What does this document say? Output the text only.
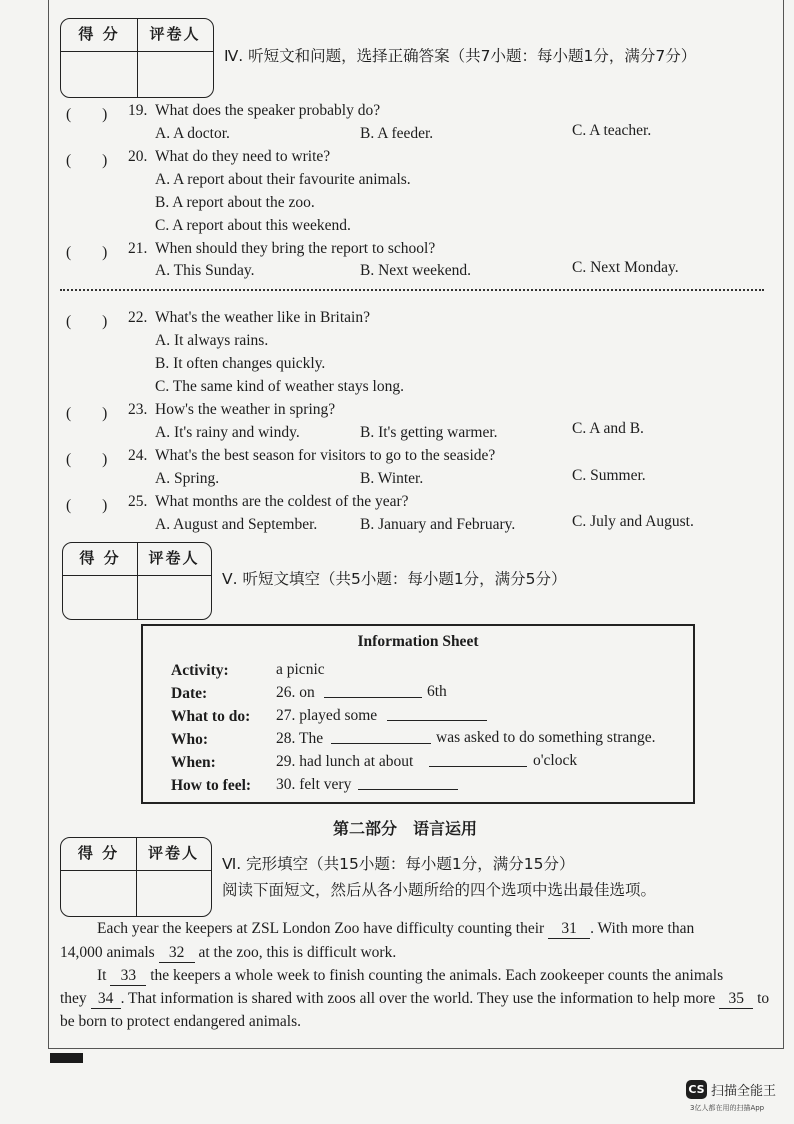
得 分	评卷人
Ⅳ. 听短文和问题，选择正确答案（共7小题：每小题1分，满分7分）
(　　) 19. What does the speaker probably do?
A. A doctor.	B. A feeder.	C. A teacher.
(　　) 20. What do they need to write?
A. A report about their favourite animals.
B. A report about the zoo.
C. A report about this weekend.
(　　) 21. When should they bring the report to school?
A. This Sunday.	B. Next weekend.	C. Next Monday.
(　　) 22. What's the weather like in Britain?
A. It always rains.
B. It often changes quickly.
C. The same kind of weather stays long.
(　　) 23. How's the weather in spring?
A. It's rainy and windy.	B. It's getting warmer.	C. A and B.
(　　) 24. What's the best season for visitors to go to the seaside?
A. Spring.	B. Winter.	C. Summer.
(　　) 25. What months are the coldest of the year?
A. August and September.	B. January and February.	C. July and August.
得 分	评卷人
Ⅴ. 听短文填空（共5小题：每小题1分，满分5分）
Information Sheet
Activity:	a picnic
Date:	26. on	6th
What to do: 27. played some
Who:	28. The	was asked to do something strange.
When:	29. had lunch at about	o'clock
How to feel: 30. felt very
第二部分　语言运用
得 分	评卷人
Ⅵ. 完形填空（共15小题：每小题1分，满分15分）
阅读下面短文，然后从各小题所给的四个选项中选出最佳选项。
Each year the keepers at ZSL London Zoo have difficulty counting their 31 . With more than
14,000 animals 32 at the zoo, this is difficult work.
It 33 the keepers a whole week to finish counting the animals. Each zookeeper counts the animals
they 34 . That information is shared with zoos all over the world. They use the information to help more 35 to
be born to protect endangered animals.
CS 扫描全能王
3亿人都在用的扫描App
